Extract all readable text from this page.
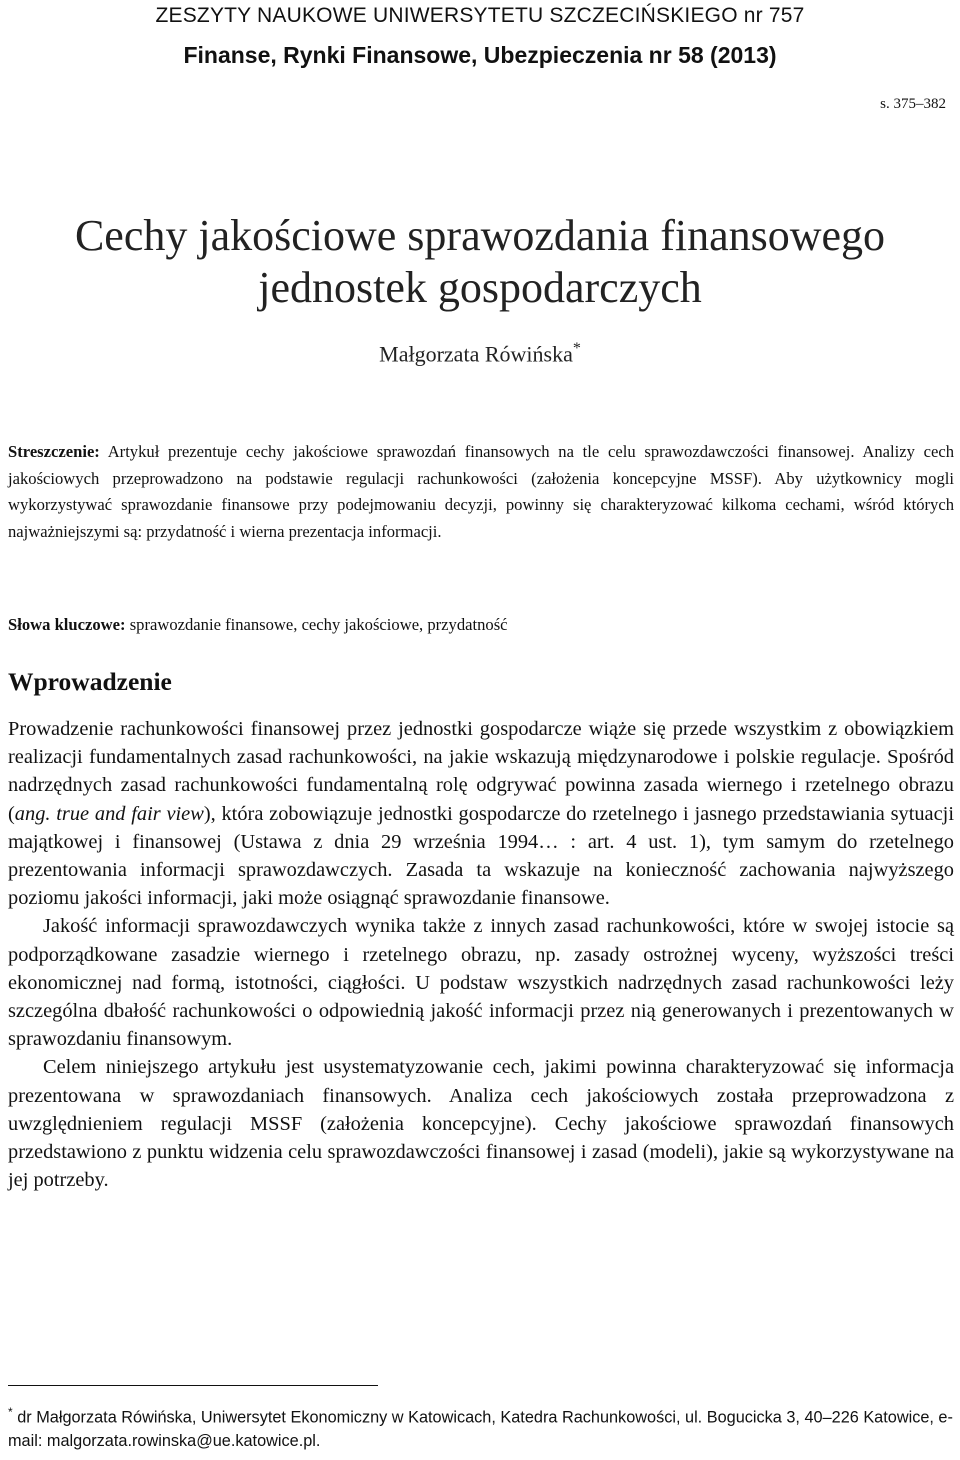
ZESZYTY NAUKOWE UNIWERSYTETU SZCZECIŃSKIEGO nr 757
Finanse, Rynki Finansowe, Ubezpieczenia nr 58 (2013)
s. 375–382
Cechy jakościowe sprawozdania finansowego
jednostek gospodarczych
Małgorzata Rówińska*
Streszczenie: Artykuł prezentuje cechy jakościowe sprawozdań finansowych na tle celu sprawozdawczości finansowej. Analizy cech jakościowych przeprowadzono na podstawie regulacji rachunkowości (założenia koncepcyjne MSSF). Aby użytkownicy mogli wykorzystywać sprawozdanie finansowe przy podejmowaniu decyzji, powinny się charakteryzować kilkoma cechami, wśród których najważniejszymi są: przydatność i wierna prezentacja informacji.
Słowa kluczowe: sprawozdanie finansowe, cechy jakościowe, przydatność
Wprowadzenie

Prowadzenie rachunkowości finansowej przez jednostki gospodarcze wiąże się przede wszystkim z obowiązkiem realizacji fundamentalnych zasad rachunkowości, na jakie wskazują międzynarodowe i polskie regulacje. Spośród nadrzędnych zasad rachunkowości fundamentalną rolę odgrywać powinna zasada wiernego i rzetelnego obrazu (ang. true and fair view), która zobowiązuje jednostki gospodarcze do rzetelnego i jasnego przedstawiania sytuacji majątkowej i finansowej (Ustawa z dnia 29 września 1994… : art. 4 ust. 1), tym samym do rzetelnego prezentowania informacji sprawozdawczych. Zasada ta wskazuje na konieczność zachowania najwyższego poziomu jakości informacji, jaki może osiągnąć sprawozdanie finansowe.

Jakość informacji sprawozdawczych wynika także z innych zasad rachunkowości, które w swojej istocie są podporządkowane zasadzie wiernego i rzetelnego obrazu, np. zasady ostrożnej wyceny, wyższości treści ekonomicznej nad formą, istotności, ciągłości. U podstaw wszystkich nadrzędnych zasad rachunkowości leży szczególna dbałość rachunkowości o odpowiednią jakość informacji przez nią generowanych i prezentowanych w sprawozdaniu finansowym.

Celem niniejszego artykułu jest usystematyzowanie cech, jakimi powinna charakteryzować się informacja prezentowana w sprawozdaniach finansowych. Analiza cech jakościowych została przeprowadzona z uwzględnieniem regulacji MSSF (założenia koncepcyjne). Cechy jakościowe sprawozdań finansowych przedstawiono z punktu widzenia celu sprawozdawczości finansowej i zasad (modeli), jakie są wykorzystywane na jej potrzeby.

* dr Małgorzata Rówińska, Uniwersytet Ekonomiczny w Katowicach, Katedra Rachunkowości, ul. Bogucicka 3, 40–226 Katowice, e-mail: malgorzata.rowinska@ue.katowice.pl.
